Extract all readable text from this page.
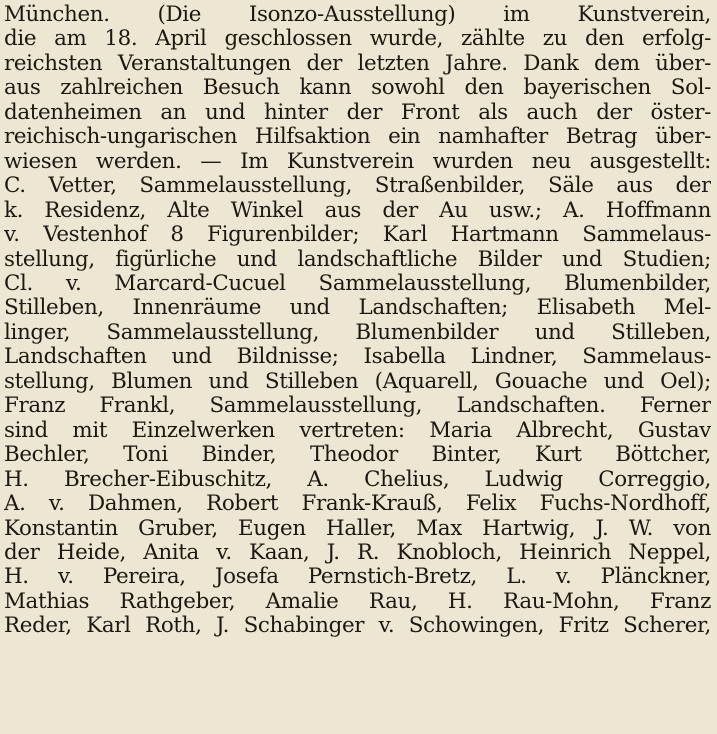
München. (Die Isonzo-Ausstellung) im Kunstverein,
die am 18. April geschlossen wurde, zählte zu den erfolg-
reichsten Veranstaltungen der letzten Jahre. Dank dem über-
aus zahlreichen Besuch kann sowohl den bayerischen Sol-
datenheimen an und hinter der Front als auch der öster-
reichisch-ungarischen Hilfsaktion ein namhafter Betrag über-
wiesen werden. — Im Kunstverein wurden neu ausgestellt:
C. Vetter, Sammelausstellung, Straßenbilder, Säle aus der
k. Residenz, Alte Winkel aus der Au usw.; A. Hoffmann
v. Vestenhof 8 Figurenbilder; Karl Hartmann Sammelaus-
stellung, figürliche und landschaftliche Bilder und Studien;
Cl. v. Marcard-Cucuel Sammelausstellung, Blumenbilder,
Stilleben, Innenräume und Landschaften; Elisabeth Mel-
linger, Sammelausstellung, Blumenbilder und Stilleben,
Landschaften und Bildnisse; Isabella Lindner, Sammelaus-
stellung, Blumen und Stilleben (Aquarell, Gouache und Oel);
Franz Frankl, Sammelausstellung, Landschaften. Ferner
sind mit Einzelwerken vertreten: Maria Albrecht, Gustav
Bechler, Toni Binder, Theodor Binter, Kurt Böttcher,
H. Brecher-Eibuschitz, A. Chelius, Ludwig Correggio,
A. v. Dahmen, Robert Frank-Krauß, Felix Fuchs-Nordhoff,
Konstantin Gruber, Eugen Haller, Max Hartwig, J. W. von
der Heide, Anita v. Kaan, J. R. Knobloch, Heinrich Neppel,
H. v. Pereira, Josefa Pernstich-Bretz, L. v. Plänckner,
Mathias Rathgeber, Amalie Rau, H. Rau-Mohn, Franz
Reder, Karl Roth, J. Schabinger v. Schowingen, Fritz Scherer,
